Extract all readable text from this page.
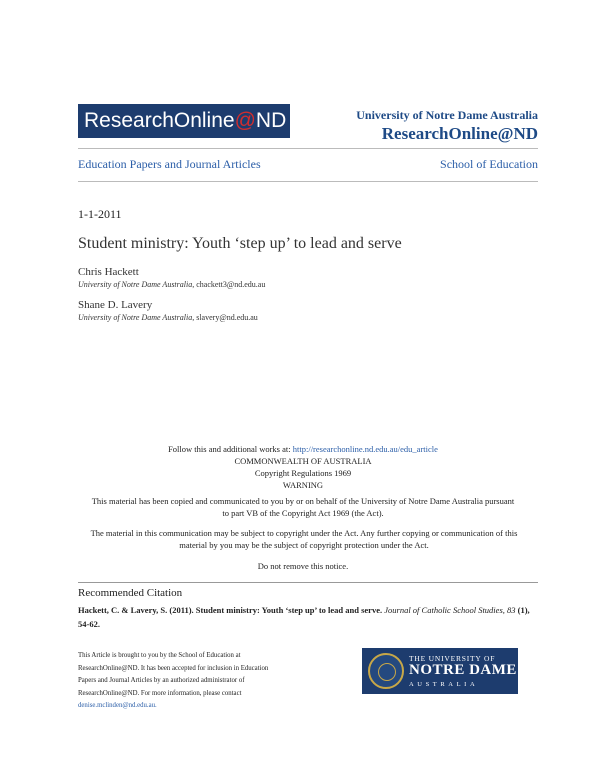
ResearchOnline@ND	University of Notre Dame Australia
ResearchOnline@ND
Education Papers and Journal Articles	School of Education
1-1-2011
Student ministry: Youth ‘step up’ to lead and serve
Chris Hackett
University of Notre Dame Australia, chackett3@nd.edu.au
Shane D. Lavery
University of Notre Dame Australia, slavery@nd.edu.au
Follow this and additional works at: http://researchonline.nd.edu.au/edu_article
COMMONWEALTH OF AUSTRALIA
Copyright Regulations 1969
WARNING
This material has been copied and communicated to you by or on behalf of the University of Notre Dame Australia pursuant to part VB of the Copyright Act 1969 (the Act).
The material in this communication may be subject to copyright under the Act. Any further copying or communication of this material by you may be the subject of copyright protection under the Act.
Do not remove this notice.
Recommended Citation
Hackett, C. & Lavery, S. (2011). Student ministry: Youth ‘step up’ to lead and serve. Journal of Catholic School Studies, 83 (1),
54-62.
This Article is brought to you by the School of Education at
ResearchOnline@ND. It has been accepted for inclusion in Education
Papers and Journal Articles by an authorized administrator of
ResearchOnline@ND. For more information, please contact
denise.mclinden@nd.edu.au.
THE UNIVERSITY OF
NOTRE DAME
AUSTRALIA
